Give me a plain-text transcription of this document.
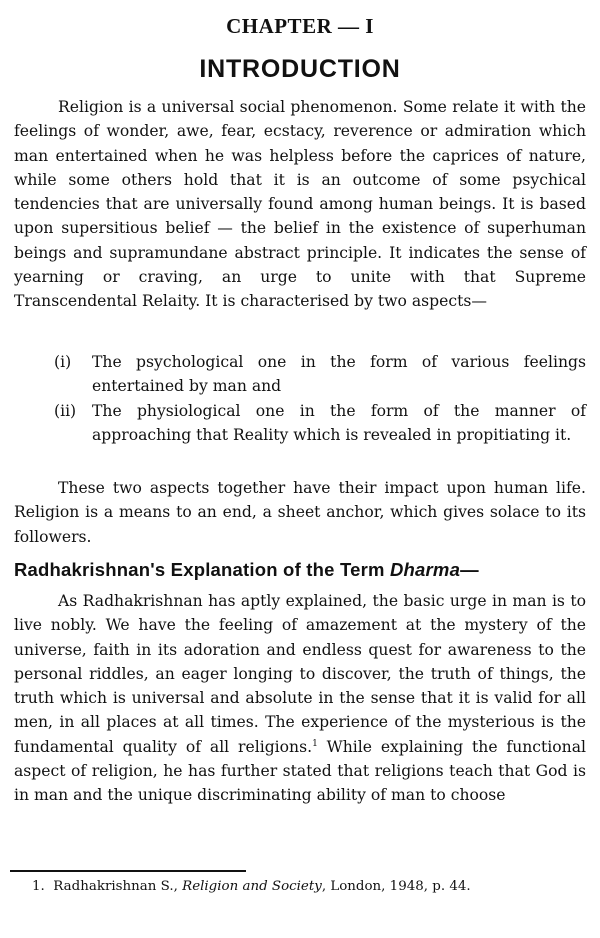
CHAPTER — I
INTRODUCTION
Religion is a universal social phenomenon. Some relate it with the feelings of wonder, awe, fear, ecstacy, reverence or admiration which man entertained when he was helpless before the caprices of nature, while some others hold that it is an outcome of some psychical tendencies that are universally found among human beings. It is based upon supersitious belief — the belief in the existence of superhuman beings and supramundane abstract principle. It indicates the sense of yearning or craving, an urge to unite with that Supreme Transcendental Relaity. It is characterised by two aspects—
(i)	The psychological one in the form of various feelings entertained by man and
(ii)	The physiological one in the form of the manner of approaching that Reality which is revealed in propitiating it.
These two aspects together have their impact upon human life. Religion is a means to an end, a sheet anchor, which gives solace to its followers.
Radhakrishnan's Explanation of the Term Dharma—
As Radhakrishnan has aptly explained, the basic urge in man is to live nobly. We have the feeling of amazement at the mystery of the universe, faith in its adoration and endless quest for awareness to the personal riddles, an eager longing to discover, the truth of things, the truth which is universal and absolute in the sense that it is valid for all men, in all places at all times. The experience of the mysterious is the fundamental quality of all religions.$^1$ While explaining the functional aspect of religion, he has further stated that religions teach that God is in man and the unique discriminating ability of man to choose
1. Radhakrishnan S., Religion and Society, London, 1948, p. 44.
